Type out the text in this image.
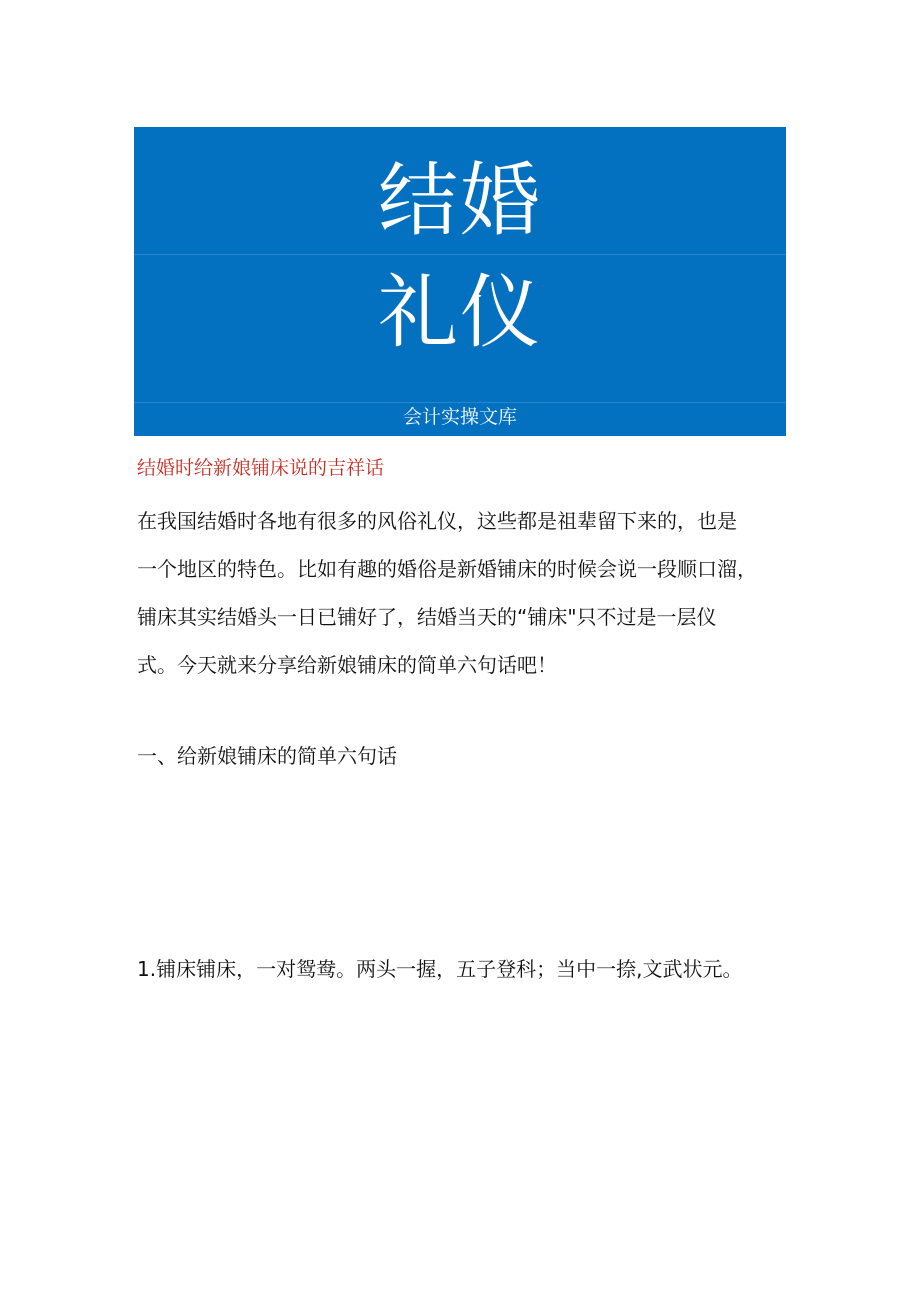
结婚
礼仪
会计实操文库
结婚时给新娘铺床说的吉祥话
在我国结婚时各地有很多的风俗礼仪，这些都是祖辈留下来的，也是
一个地区的特色。比如有趣的婚俗是新婚铺床的时候会说一段顺口溜，
铺床其实结婚头一日已铺好了，结婚当天的“铺床"只不过是一层仪
式。今天就来分享给新娘铺床的简单六句话吧！
一、给新娘铺床的简单六句话
1.铺床铺床，一对鸳鸯。两头一握，五子登科；当中一捺,文武状元。
